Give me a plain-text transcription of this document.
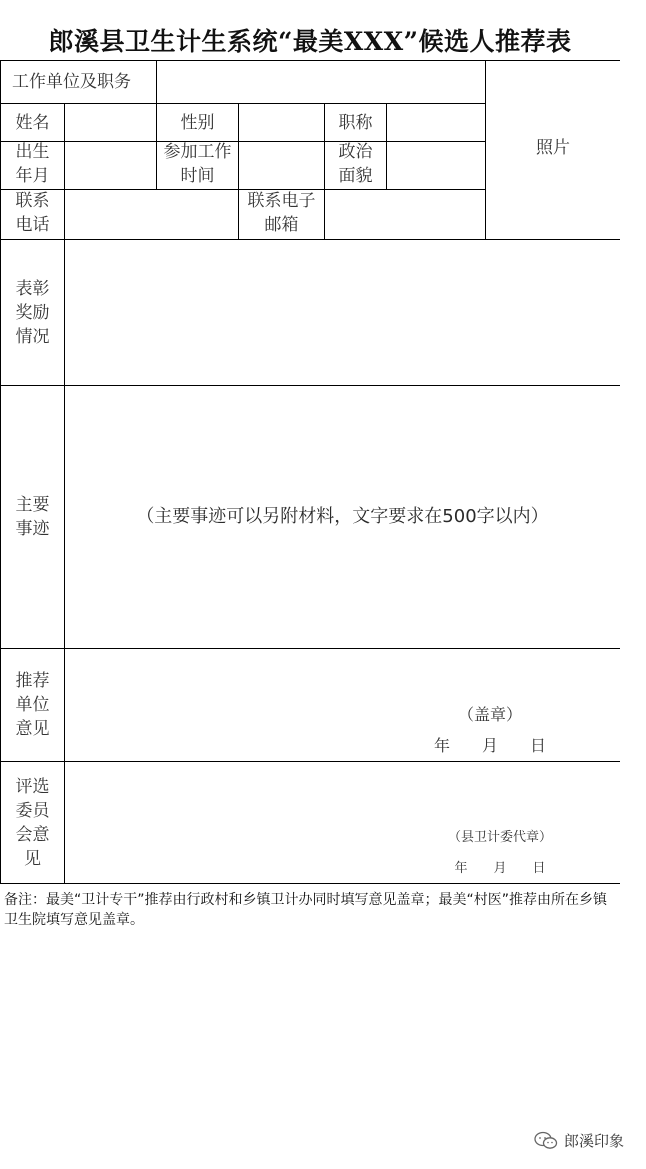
郎溪县卫生计生系统“最美XXX”候选人推荐表
工作单位及职务
照片
姓名	性别	职称
出生
年月
参加工作
时间
政治
面貌
联系
电话
联系电子
邮箱
表彰
奖励
情况
主要
事迹
（主要事迹可以另附材料，文字要求在500字以内）
推荐
单位
意见
（盖章）
年　　月　　日
评选
委员
会意
见
（县卫计委代章）
年　　月　　日
备注：最美“卫计专干”推荐由行政村和乡镇卫计办同时填写意见盖章；最美“村医”推荐由所在乡镇卫生院填写意见盖章。
郎溪印象
